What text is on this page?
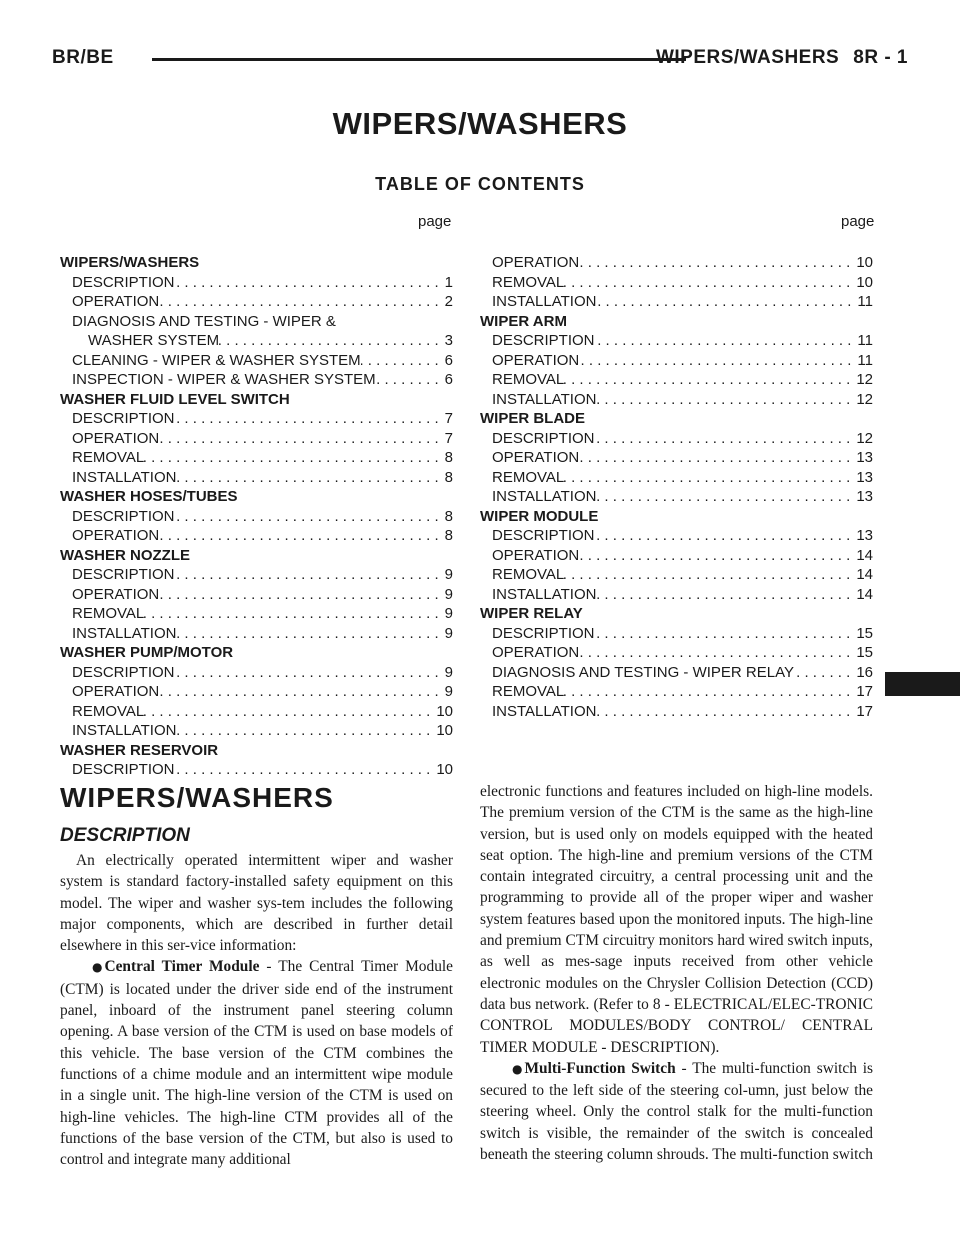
BR/BE	WIPERS/WASHERS 8R - 1
WIPERS/WASHERS
TABLE OF CONTENTS
page	page
WIPERS/WASHERS
DESCRIPTION . . .	1
OPERATION . . .	2
DIAGNOSIS AND TESTING - WIPER &
WASHER SYSTEM . . .	3
CLEANING - WIPER & WASHER SYSTEM . . .	6
INSPECTION - WIPER & WASHER SYSTEM . . .	6
WASHER FLUID LEVEL SWITCH
DESCRIPTION . . .	7
OPERATION . . .	7
REMOVAL . . .	8
INSTALLATION . . .	8
WASHER HOSES/TUBES
DESCRIPTION . . .	8
OPERATION . . .	8
WASHER NOZZLE
DESCRIPTION . . .	9
OPERATION . . .	9
REMOVAL . . .	9
INSTALLATION . . .	9
WASHER PUMP/MOTOR
DESCRIPTION . . .	9
OPERATION . . .	9
REMOVAL . . .	10
INSTALLATION . . .	10
WASHER RESERVOIR
DESCRIPTION . . .	10
OPERATION . . .	10
REMOVAL . . .	10
INSTALLATION . . .	11
WIPER ARM
DESCRIPTION . . .	11
OPERATION . . .	11
REMOVAL . . .	12
INSTALLATION . . .	12
WIPER BLADE
DESCRIPTION . . .	12
OPERATION . . .	13
REMOVAL . . .	13
INSTALLATION . . .	13
WIPER MODULE
DESCRIPTION . . .	13
OPERATION . . .	14
REMOVAL . . .	14
INSTALLATION . . .	14
WIPER RELAY
DESCRIPTION . . .	15
OPERATION . . .	15
DIAGNOSIS AND TESTING - WIPER RELAY . . .	16
REMOVAL . . .	17
INSTALLATION . . .	17
WIPERS/WASHERS
DESCRIPTION

An electrically operated intermittent wiper and washer system is standard factory-installed safety equipment on this model. The wiper and washer sys-tem includes the following major components, which are described in further detail elsewhere in this ser-vice information:

● Central Timer Module - The Central Timer Module (CTM) is located under the driver side end of the instrument panel, inboard of the instrument panel steering column opening. A base version of the CTM is used on base models of this vehicle. The base version of the CTM combines the functions of a chime module and an intermittent wipe module in a single unit. The high-line version of the CTM is used on high-line vehicles. The high-line CTM provides all of the functions of the base version of the CTM, but also is used to control and integrate many additional

electronic functions and features included on high-line models. The premium version of the CTM is the same as the high-line version, but is used only on models equipped with the heated seat option. The high-line and premium versions of the CTM contain integrated circuitry, a central processing unit and the programming to provide all of the proper wiper and washer system features based upon the monitored inputs. The high-line and premium CTM circuitry monitors hard wired switch inputs, as well as mes-sage inputs received from other vehicle electronic modules on the Chrysler Collision Detection (CCD) data bus network. (Refer to 8 - ELECTRICAL/ELEC-TRONIC CONTROL MODULES/BODY CONTROL/ CENTRAL TIMER MODULE - DESCRIPTION).

● Multi-Function Switch - The multi-function switch is secured to the left side of the steering col-umn, just below the steering wheel. Only the control stalk for the multi-function switch is visible, the remainder of the switch is concealed beneath the steering column shrouds. The multi-function switch
